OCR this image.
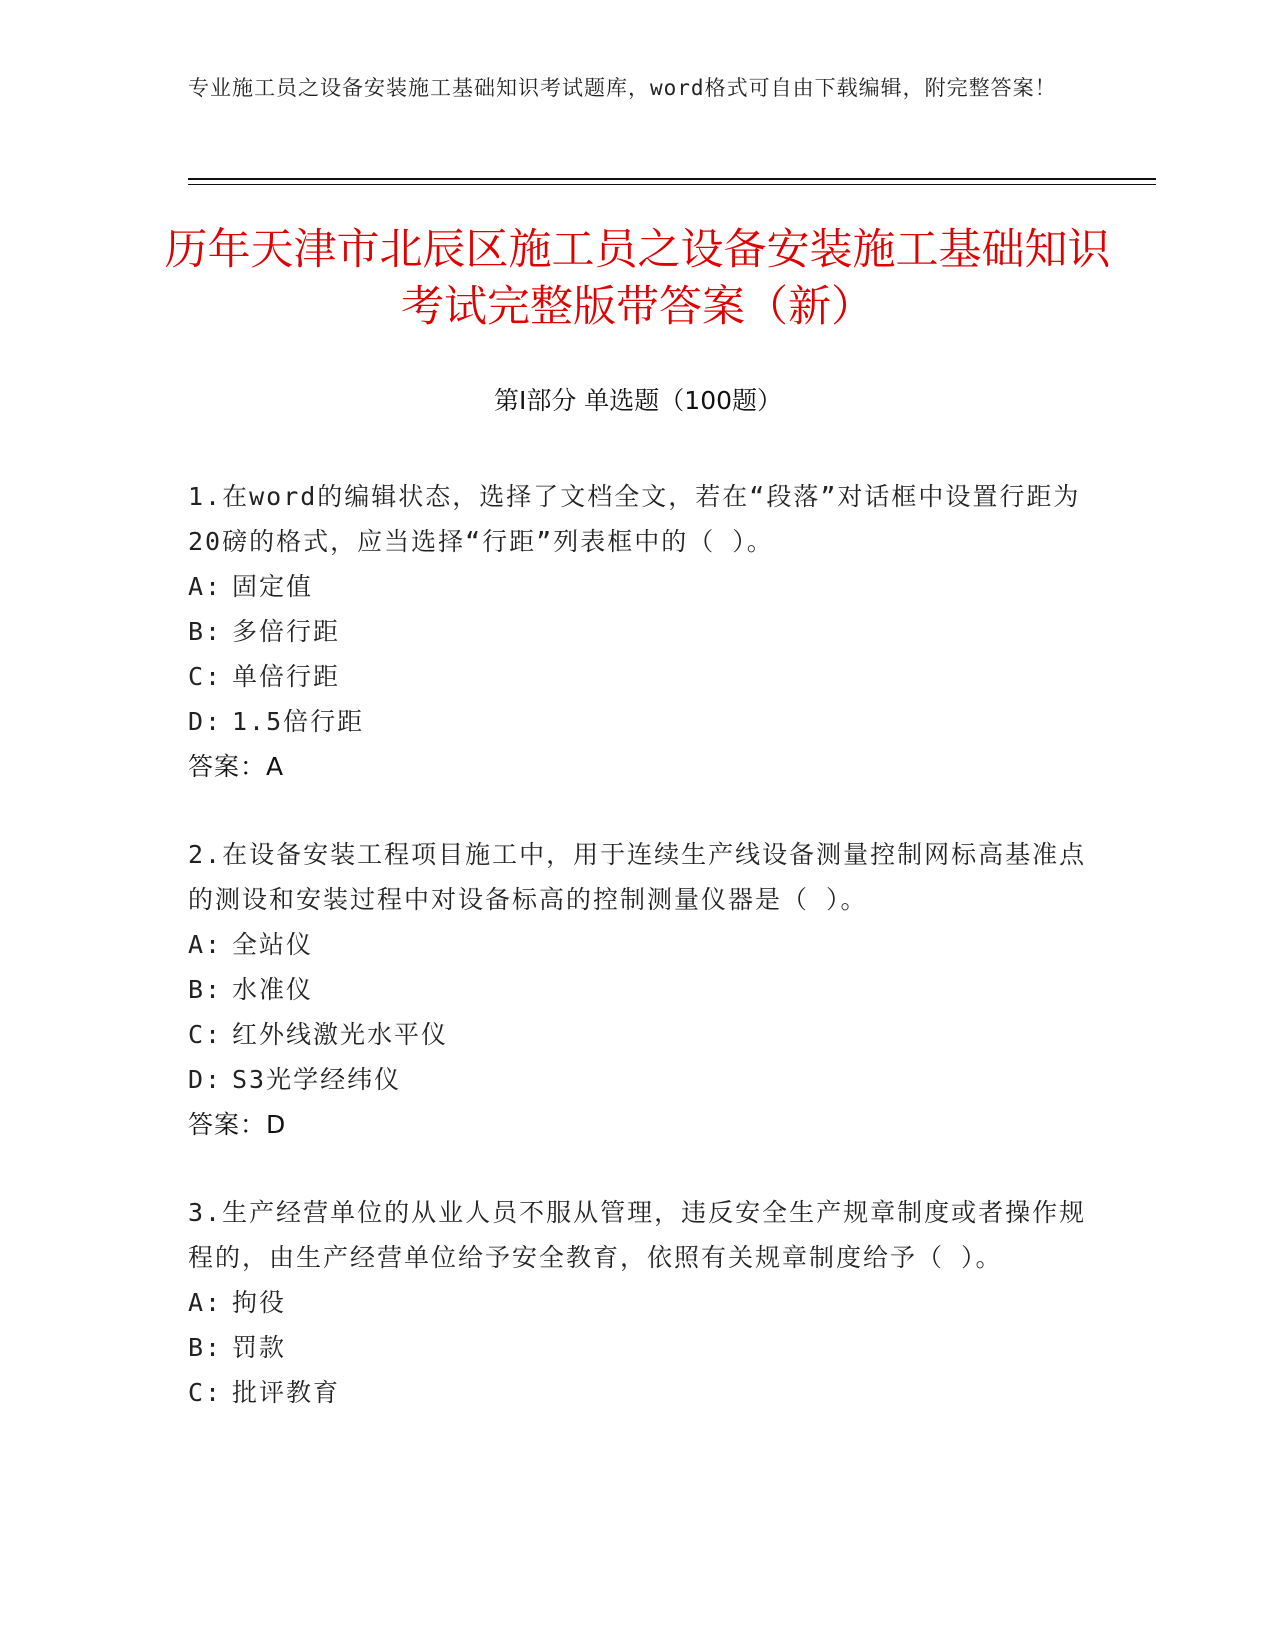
专业施工员之设备安装施工基础知识考试题库，word格式可自由下载编辑，附完整答案！
历年天津市北辰区施工员之设备安装施工基础知识考试完整版带答案（新）
第Ⅰ部分 单选题（100题）

1.在word的编辑状态，选择了文档全文，若在“段落”对话框中设置行距为20磅的格式，应当选择“行距”列表框中的（ ）。

A: 固定值

B: 多倍行距

C: 单倍行距

D: 1.5倍行距

答案：A

2.在设备安装工程项目施工中，用于连续生产线设备测量控制网标高基准点的测设和安装过程中对设备标高的控制测量仪器是（ ）。

A: 全站仪

B: 水准仪

C: 红外线激光水平仪

D: S3光学经纬仪

答案：D

3.生产经营单位的从业人员不服从管理，违反安全生产规章制度或者操作规程的，由生产经营单位给予安全教育，依照有关规章制度给予（ ）。

A: 拘役

B: 罚款

C: 批评教育
